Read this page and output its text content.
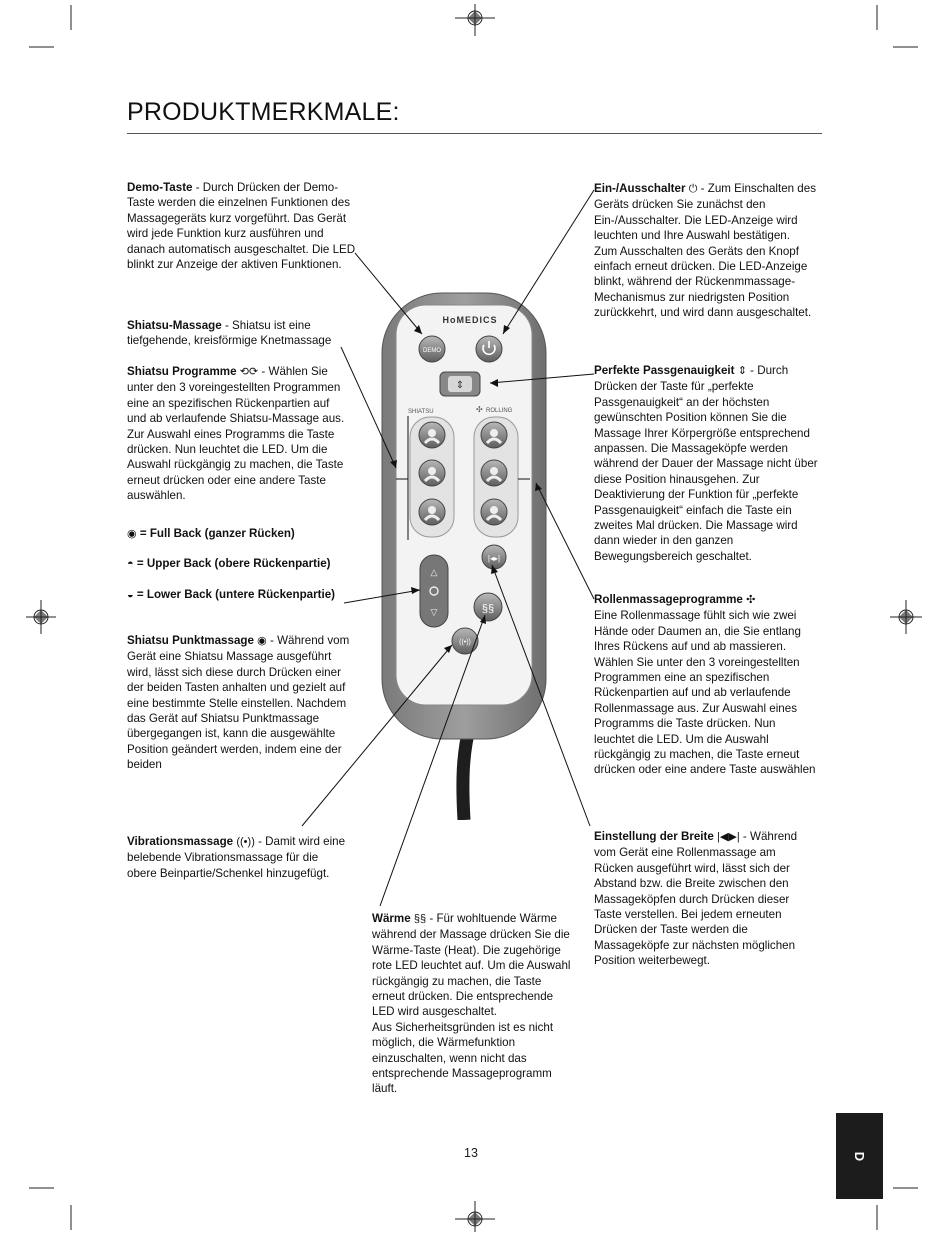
PRODUKTMERKMALE:
HoMEDICS
DEMO
⇕
SHIATSU	ROLLING
✣
|◂▸|
△
▽	§§
((•))
Demo-Taste - Durch Drücken der Demo-Taste werden die einzelnen Funktionen des Massagegeräts kurz vorgeführt. Das Gerät wird jede Funktion kurz ausführen und danach automatisch ausgeschaltet. Die LED blinkt zur Anzeige der aktiven Funktionen.
Shiatsu-Massage - Shiatsu ist eine tiefgehende, kreisförmige Knetmassage
Shiatsu Programme ⟲⟳ - Wählen Sie unter den 3 voreingestellten Programmen eine an spezifischen Rückenpartien auf und ab verlaufende Shiatsu-Massage aus. Zur Auswahl eines Programms die Taste drücken. Nun leuchtet die LED. Um die Auswahl rückgängig zu machen, die Taste erneut drücken oder eine andere Taste auswählen.
◉ = Full Back (ganzer Rücken)
◓ = Upper Back (obere Rückenpartie)
◒ = Lower Back (untere Rückenpartie)
Shiatsu Punktmassage ◉ - Während vom Gerät eine Shiatsu Massage ausgeführt wird, lässt sich diese durch Drücken einer der beiden Tasten anhalten und gezielt auf eine bestimmte Stelle einstellen. Nachdem das Gerät auf Shiatsu Punktmassage übergegangen ist, kann die ausgewählte Position geändert werden, indem eine der beiden
Vibrationsmassage ((•)) - Damit wird eine belebende Vibrationsmassage für die obere Beinpartie/Schenkel hinzugefügt.
Wärme §§ - Für wohltuende Wärme während der Massage drücken Sie die Wärme-Taste (Heat). Die zugehörige rote LED leuchtet auf. Um die Auswahl rückgängig zu machen, die Taste erneut drücken. Die entsprechende LED wird ausgeschaltet.
Aus Sicherheitsgründen ist es nicht möglich, die Wärmefunktion einzuschalten, wenn nicht das entsprechende Massageprogramm läuft.
Ein-/Ausschalter ⏻ - Zum Einschalten des Geräts drücken Sie zunächst den Ein-/Ausschalter. Die LED-Anzeige wird leuchten und Ihre Auswahl bestätigen. Zum Ausschalten des Geräts den Knopf einfach erneut drücken. Die LED-Anzeige blinkt, während der Rückenmmassage-Mechanismus zur niedrigsten Position zurückkehrt, und wird dann ausgeschaltet.
Perfekte Passgenauigkeit ⇕ - Durch Drücken der Taste für „perfekte Passgenauigkeit“ an der höchsten gewünschten Position können Sie die Massage Ihrer Körpergröße entsprechend anpassen. Die Massageköpfe werden während der Dauer der Massage nicht über diese Position hinausgehen. Zur Deaktivierung der Funktion für „perfekte Passgenauigkeit“ einfach die Taste ein zweites Mal drücken. Die Massage wird dann wieder in den ganzen Bewegungsbereich geschaltet.
Rollenmassageprogramme ✣
Eine Rollenmassage fühlt sich wie zwei Hände oder Daumen an, die Sie entlang Ihres Rückens auf und ab massieren. Wählen Sie unter den 3 voreingestellten Programmen eine an spezifischen Rückenpartien auf und ab verlaufende Rollenmassage aus. Zur Auswahl eines Programms die Taste drücken. Nun leuchtet die LED. Um die Auswahl rückgängig zu machen, die Taste erneut drücken oder eine andere Taste auswählen
Einstellung der Breite |◀▶| - Während vom Gerät eine Rollenmassage am Rücken ausgeführt wird, lässt sich der Abstand bzw. die Breite zwischen den Massageköpfen durch Drücken dieser Taste verstellen. Bei jedem erneuten Drücken der Taste werden die Massageköpfe zur nächsten möglichen Position weiterbewegt.
13	D
